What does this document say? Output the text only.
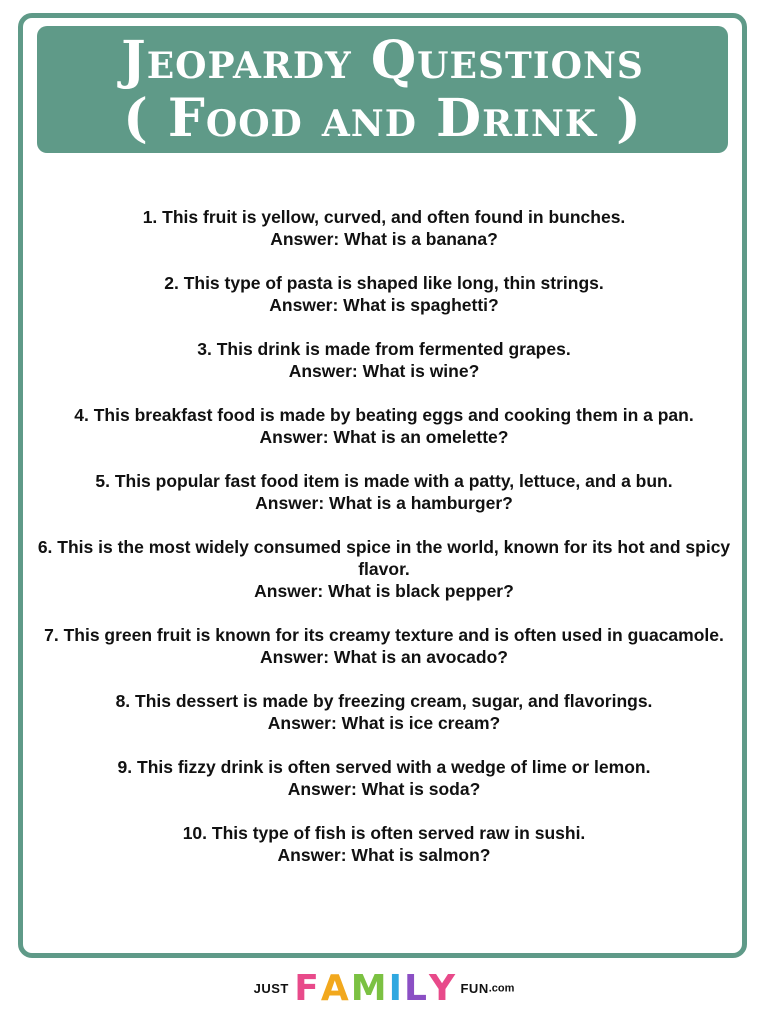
Jeopardy Questions
( Food and Drink )
1. This fruit is yellow, curved, and often found in bunches.
Answer: What is a banana?
2. This type of pasta is shaped like long, thin strings.
Answer: What is spaghetti?
3. This drink is made from fermented grapes.
Answer: What is wine?
4. This breakfast food is made by beating eggs and cooking them in a pan.
Answer: What is an omelette?
5. This popular fast food item is made with a patty, lettuce, and a bun.
Answer: What is a hamburger?
6. This is the most widely consumed spice in the world, known for its hot and spicy flavor.
Answer: What is black pepper?
7. This green fruit is known for its creamy texture and is often used in guacamole.
Answer: What is an avocado?
8. This dessert is made by freezing cream, sugar, and flavorings.
Answer: What is ice cream?
9. This fizzy drink is often served with a wedge of lime or lemon.
Answer: What is soda?
10. This type of fish is often served raw in sushi.
Answer: What is salmon?
JUST FAMILY FUN.com
